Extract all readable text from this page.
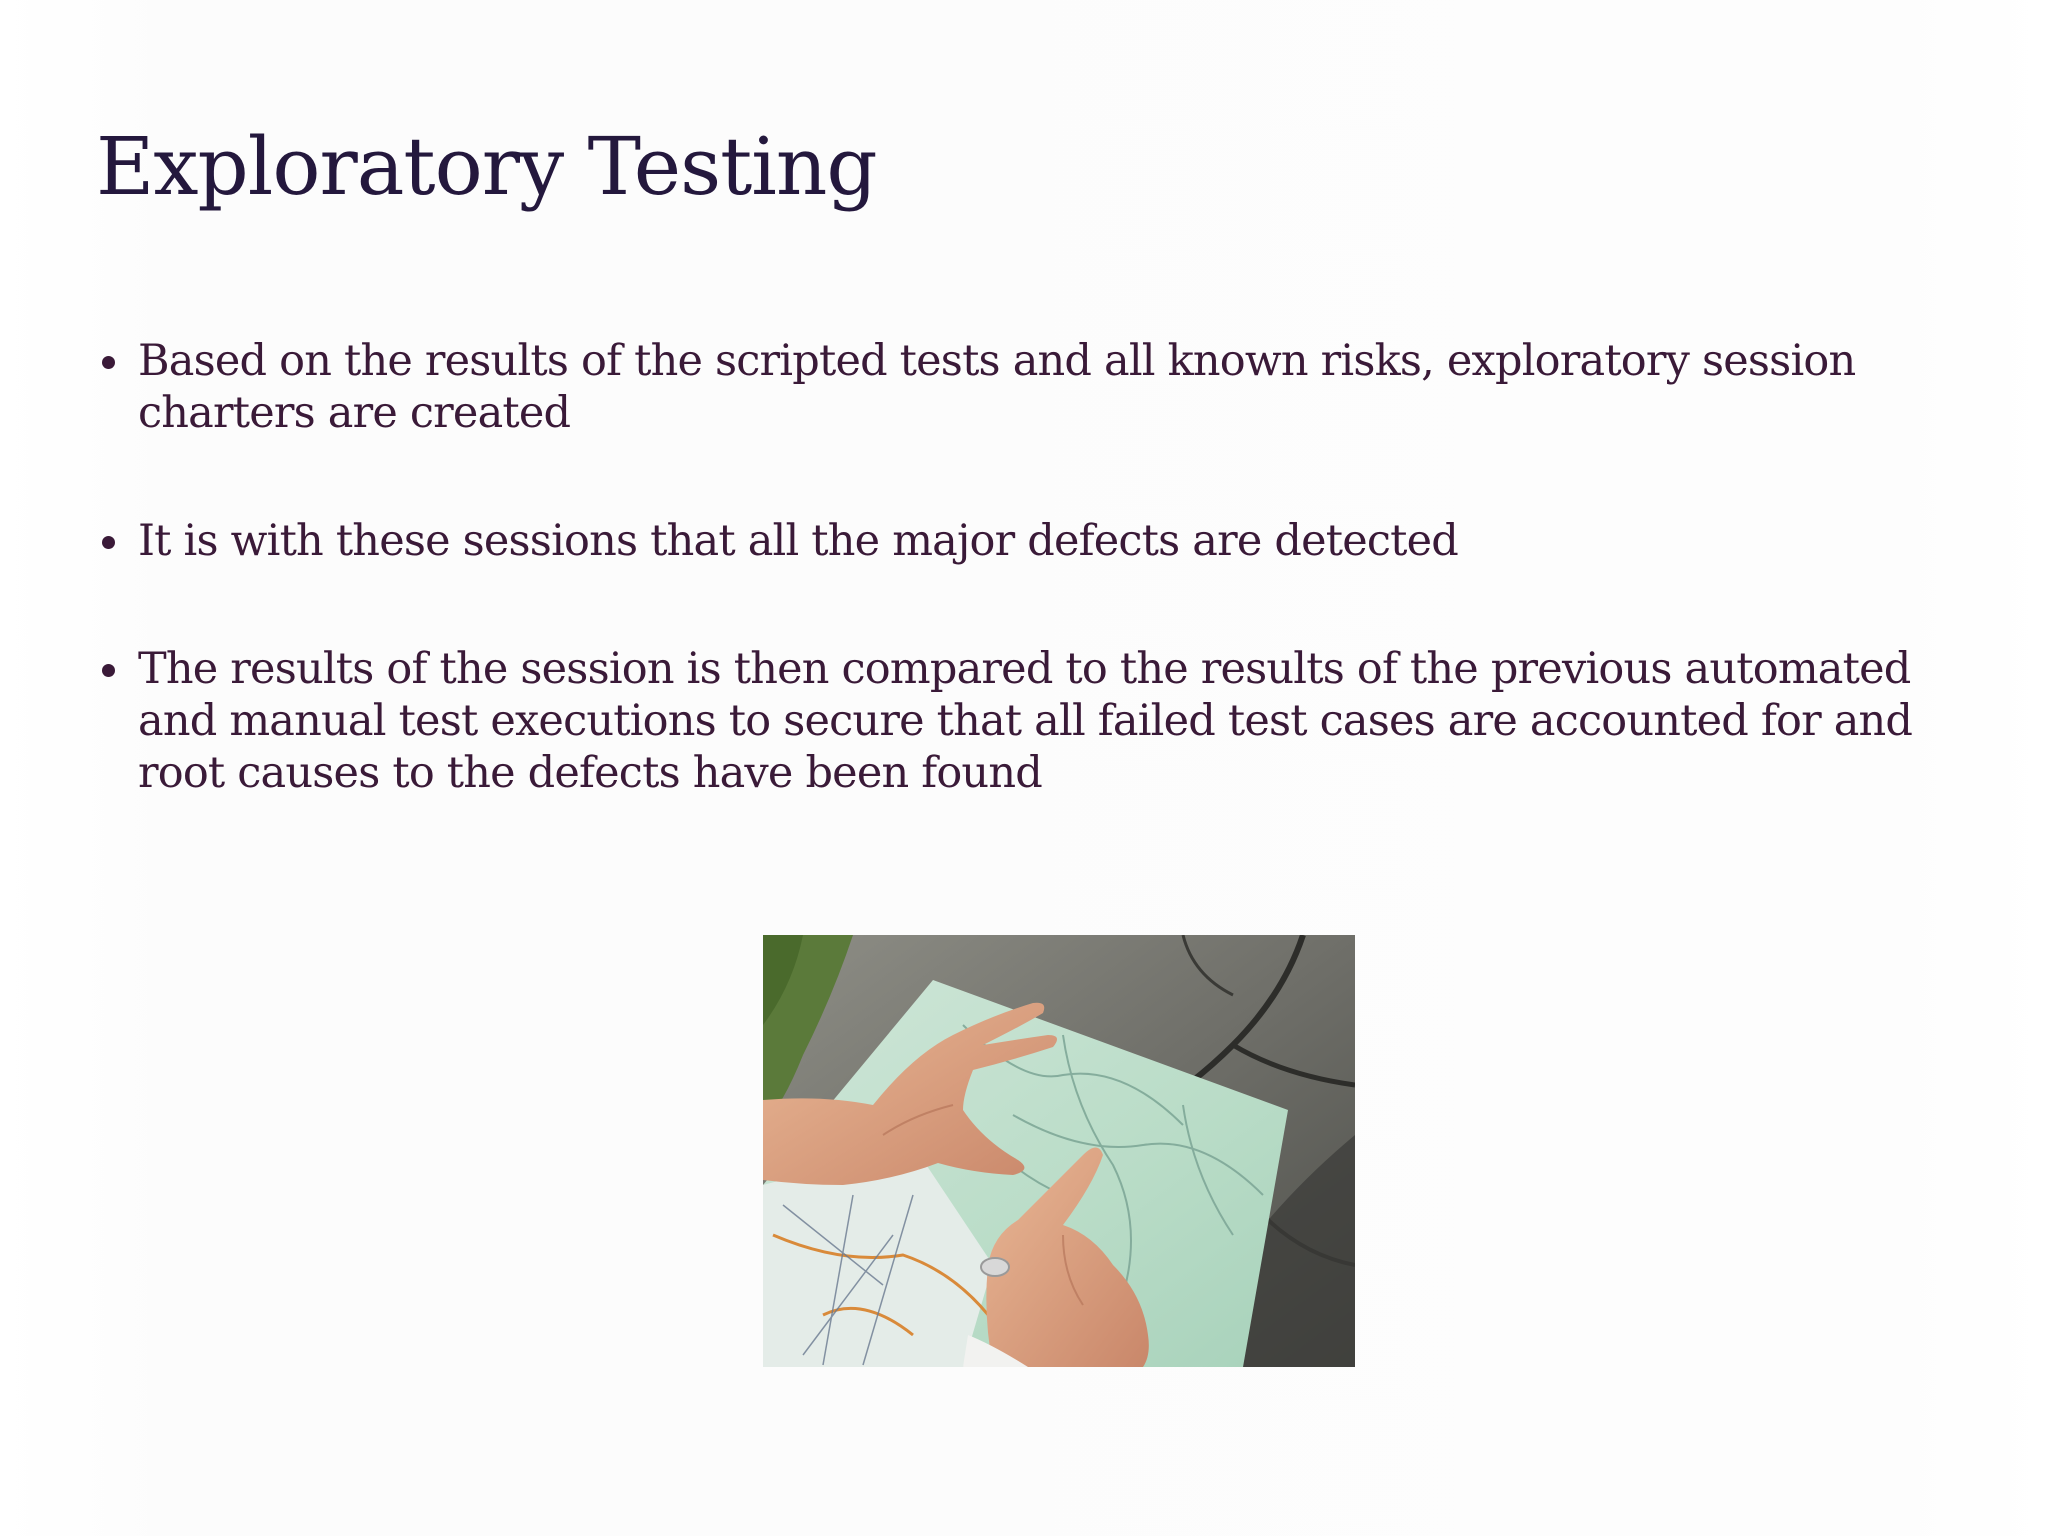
Exploratory Testing
Based on the results of the scripted tests and all known risks, exploratory session charters are created
It is with these sessions that all the major defects are detected
The results of the session is then compared to the results of the previous automated and manual test executions to secure that all failed test cases are accounted for and root causes to the defects have been found
